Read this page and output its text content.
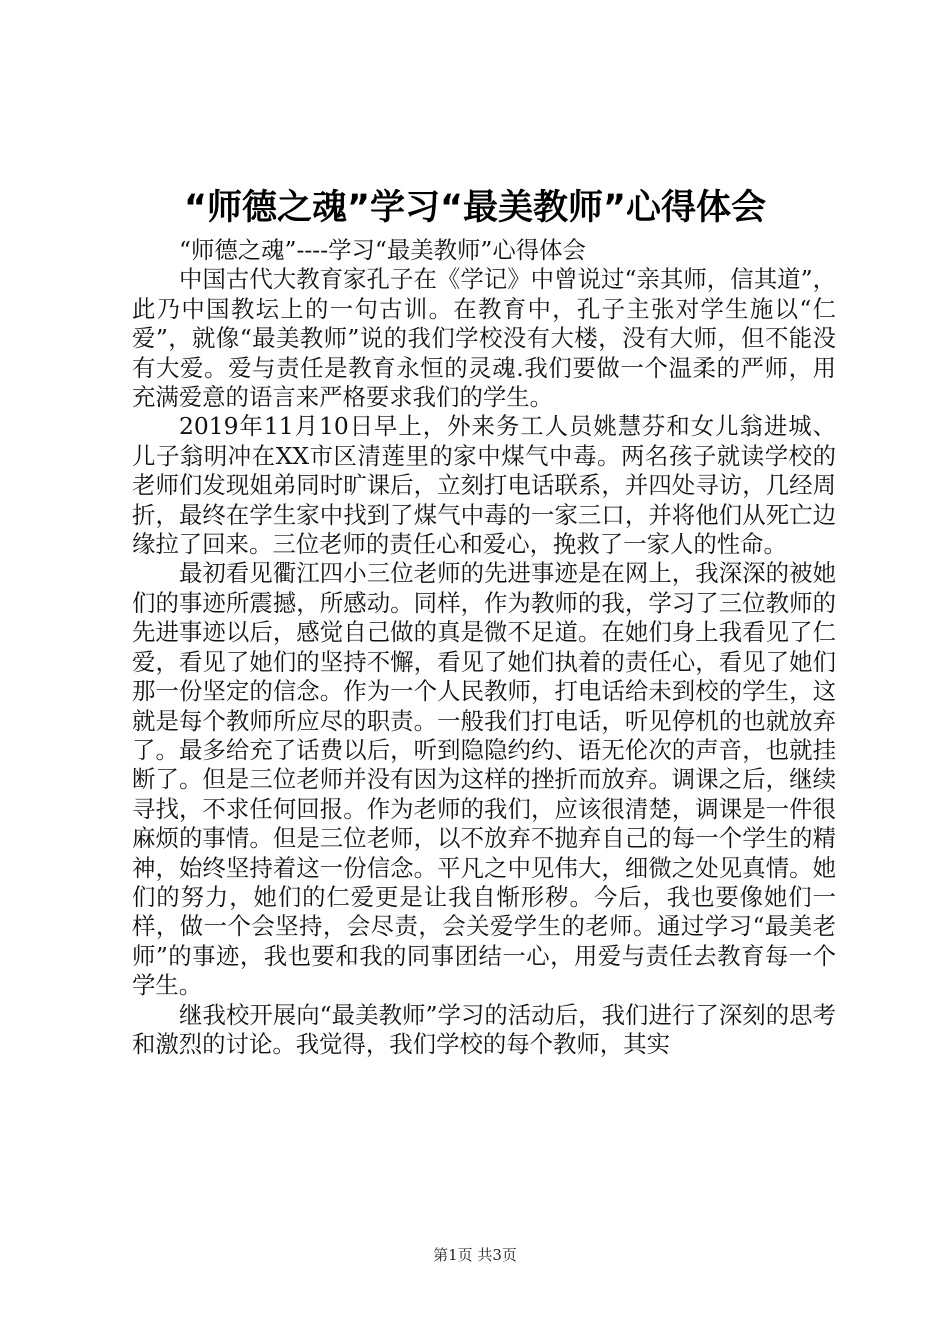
“师德之魂”学习“最美教师”心得体会

“师德之魂”----学习“最美教师”心得体会

中国古代大教育家孔子在《学记》中曾说过“亲其师，信其道”，此乃中国教坛上的一句古训。在教育中，孔子主张对学生施以“仁爱”，就像“最美教师”说的我们学校没有大楼，没有大师，但不能没有大爱。爱与责任是教育永恒的灵魂.我们要做一个温柔的严师，用充满爱意的语言来严格要求我们的学生。

2019年11月10日早上，外来务工人员姚慧芬和女儿翁进城、儿子翁明冲在XX市区清莲里的家中煤气中毒。两名孩子就读学校的老师们发现姐弟同时旷课后，立刻打电话联系，并四处寻访，几经周折，最终在学生家中找到了煤气中毒的一家三口，并将他们从死亡边缘拉了回来。三位老师的责任心和爱心，挽救了一家人的性命。

最初看见衢江四小三位老师的先进事迹是在网上，我深深的被她们的事迹所震撼，所感动。同样，作为教师的我，学习了三位教师的先进事迹以后，感觉自己做的真是微不足道。在她们身上我看见了仁爱，看见了她们的坚持不懈，看见了她们执着的责任心，看见了她们那一份坚定的信念。作为一个人民教师，打电话给未到校的学生，这就是每个教师所应尽的职责。一般我们打电话，听见停机的也就放弃了。最多给充了话费以后，听到隐隐约约、语无伦次的声音，也就挂断了。但是三位老师并没有因为这样的挫折而放弃。调课之后，继续寻找，不求任何回报。作为老师的我们，应该很清楚，调课是一件很麻烦的事情。但是三位老师，以不放弃不抛弃自己的每一个学生的精神，始终坚持着这一份信念。平凡之中见伟大，细微之处见真情。她们的努力，她们的仁爱更是让我自惭形秽。今后，我也要像她们一样，做一个会坚持，会尽责，会关爱学生的老师。通过学习“最美老师”的事迹，我也要和我的同事团结一心，用爱与责任去教育每一个学生。

继我校开展向“最美教师”学习的活动后，我们进行了深刻的思考和激烈的讨论。我觉得，我们学校的每个教师，其实

第1页 共3页
